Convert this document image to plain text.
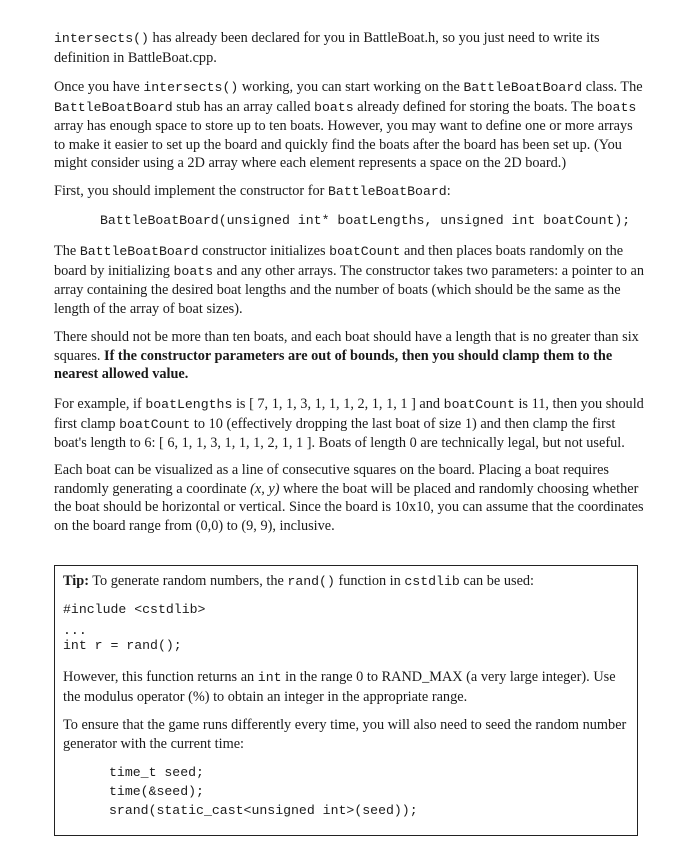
intersects() has already been declared for you in BattleBoat.h, so you just need to write its definition in BattleBoat.cpp.

Once you have intersects() working, you can start working on the BattleBoatBoard class. The BattleBoatBoard stub has an array called boats already defined for storing the boats. The boats array has enough space to store up to ten boats. However, you may want to define one or more arrays to make it easier to set up the board and quickly find the boats after the board has been set up. (You might consider using a 2D array where each element represents a space on the 2D board.)

First, you should implement the constructor for BattleBoatBoard:

BattleBoatBoard(unsigned int* boatLengths, unsigned int boatCount);

The BattleBoatBoard constructor initializes boatCount and then places boats randomly on the board by initializing boats and any other arrays. The constructor takes two parameters: a pointer to an array containing the desired boat lengths and the number of boats (which should be the same as the length of the array of boat sizes).

There should not be more than ten boats, and each boat should have a length that is no greater than six squares. If the constructor parameters are out of bounds, then you should clamp them to the nearest allowed value.

For example, if boatLengths is [ 7, 1, 1, 3, 1, 1, 1, 2, 1, 1, 1 ] and boatCount is 11, then you should first clamp boatCount to 10 (effectively dropping the last boat of size 1) and then clamp the first boat's length to 6: [ 6, 1, 1, 3, 1, 1, 1, 2, 1, 1 ]. Boats of length 0 are technically legal, but not useful.

Each boat can be visualized as a line of consecutive squares on the board. Placing a boat requires randomly generating a coordinate (x, y) where the boat will be placed and randomly choosing whether the boat should be horizontal or vertical. Since the board is 10x10, you can assume that the coordinates on the board range from (0,0) to (9, 9), inclusive.

Tip: To generate random numbers, the rand() function in cstdlib can be used:

#include <cstdlib>

...

int r = rand();

However, this function returns an int in the range 0 to RAND_MAX (a very large integer). Use the modulus operator (%) to obtain an integer in the appropriate range.

To ensure that the game runs differently every time, you will also need to seed the random number generator with the current time:

time_t seed;

time(&seed);

srand(static_cast<unsigned int>(seed));
